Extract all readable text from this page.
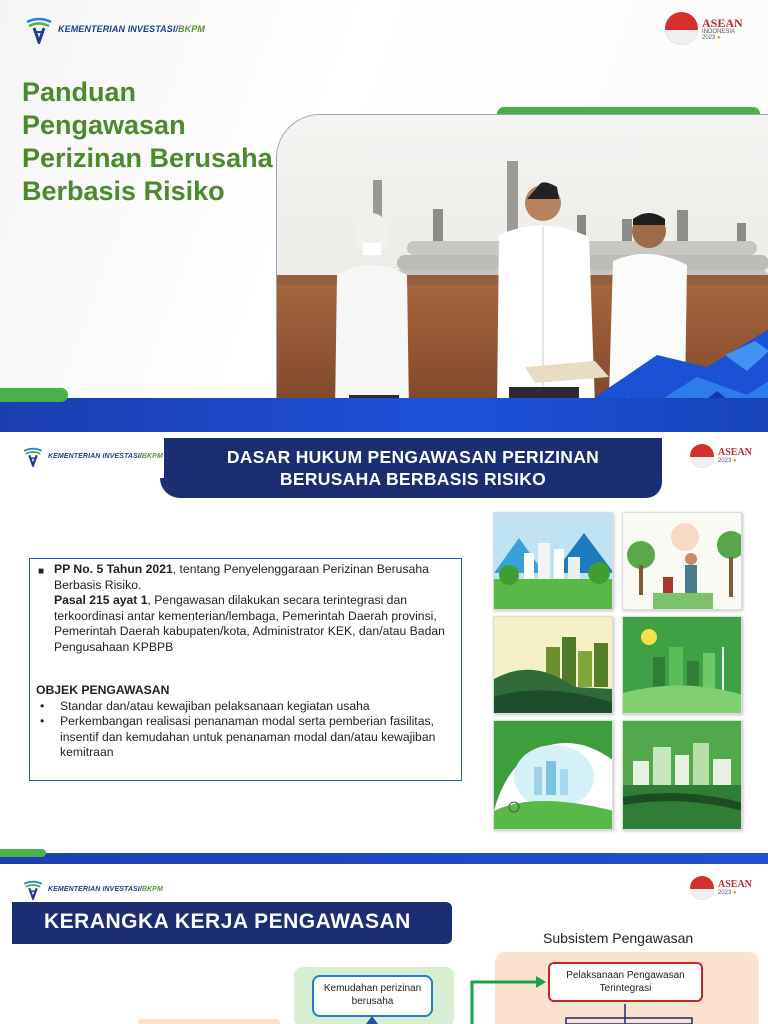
KEMENTERIAN INVESTASI/BKPM	ASEAN
INDONESIA
2023 ●
Panduan
Pengawasan
Perizinan Berusaha
Berbasis Risiko
KEMENTERIAN INVESTASI/BKPM	ASEAN
2023 ●
DASAR HUKUM PENGAWASAN PERIZINAN
BERUSAHA BERBASIS RISIKO
■ PP No. 5 Tahun 2021, tentang Penyelenggaraan Perizinan Berusaha Berbasis Risiko.
Pasal 215 ayat 1, Pengawasan dilakukan secara terintegrasi dan terkoordinasi antar kementerian/lembaga, Pemerintah Daerah provinsi, Pemerintah Daerah kabupaten/kota, Administrator KEK, dan/atau Badan Pengusahaan KPBPB
OBJEK PENGAWASAN
• Standar dan/atau kewajiban pelaksanaan kegiatan usaha
• Perkembangan realisasi penanaman modal serta pemberian fasilitas, insentif dan kemudahan untuk penanaman modal dan/atau kewajiban kemitraan
KEMENTERIAN INVESTASI/BKPM	ASEAN
2023 ●
KERANGKA KERJA PENGAWASAN
Subsistem Pengawasan
Pelaksanaan Pengawasan Terintegrasi
Kemudahan perizinan berusaha
